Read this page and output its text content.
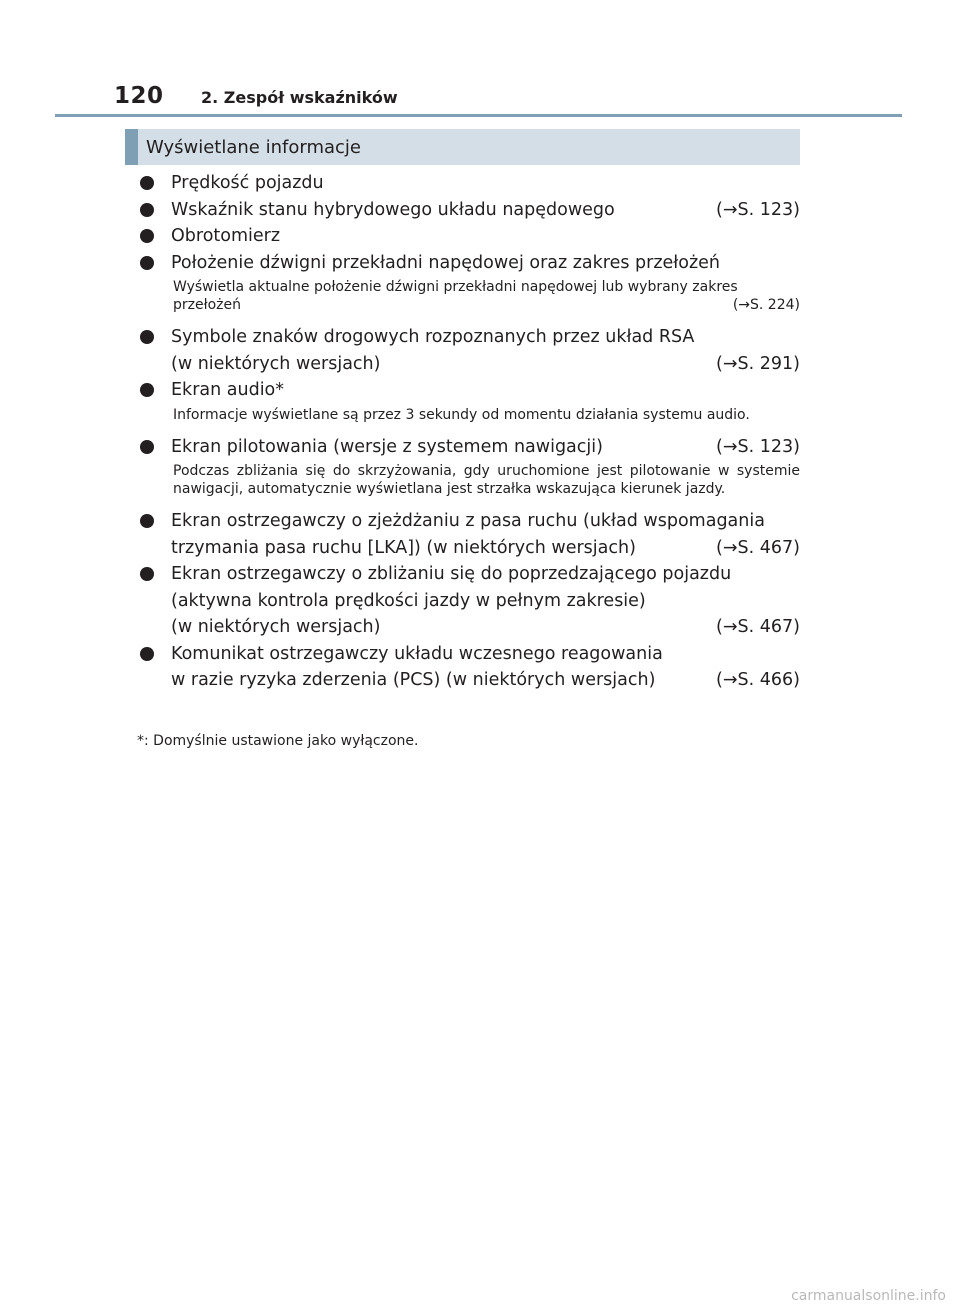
120 2. Zespół wskaźników
Wyświetlane informacje
Prędkość pojazdu
Wskaźnik stanu hybrydowego układu napędowego	(→S. 123)
Obrotomierz
Położenie dźwigni przekładni napędowej oraz zakres przełożeń
Wyświetla aktualne położenie dźwigni przekładni napędowej lub wybrany zakres
przełożeń	(→S. 224)
Symbole znaków drogowych rozpoznanych przez układ RSA
(w niektórych wersjach)	(→S. 291)
Ekran audio*
Informacje wyświetlane są przez 3 sekundy od momentu działania systemu audio.
Ekran pilotowania (wersje z systemem nawigacji)	(→S. 123)
Podczas zbliżania się do skrzyżowania, gdy uruchomione jest pilotowanie w systemie nawigacji, automatycznie wyświetlana jest strzałka wskazująca kierunek jazdy.
Ekran ostrzegawczy o zjeżdżaniu z pasa ruchu (układ wspomagania
trzymania pasa ruchu [LKA]) (w niektórych wersjach)	(→S. 467)
Ekran ostrzegawczy o zbliżaniu się do poprzedzającego pojazdu
(aktywna kontrola prędkości jazdy w pełnym zakresie)
(w niektórych wersjach)	(→S. 467)
Komunikat ostrzegawczy układu wczesnego reagowania
w razie ryzyka zderzenia (PCS) (w niektórych wersjach)	(→S. 466)
*: Domyślnie ustawione jako wyłączone.
carmanualsonline.info
